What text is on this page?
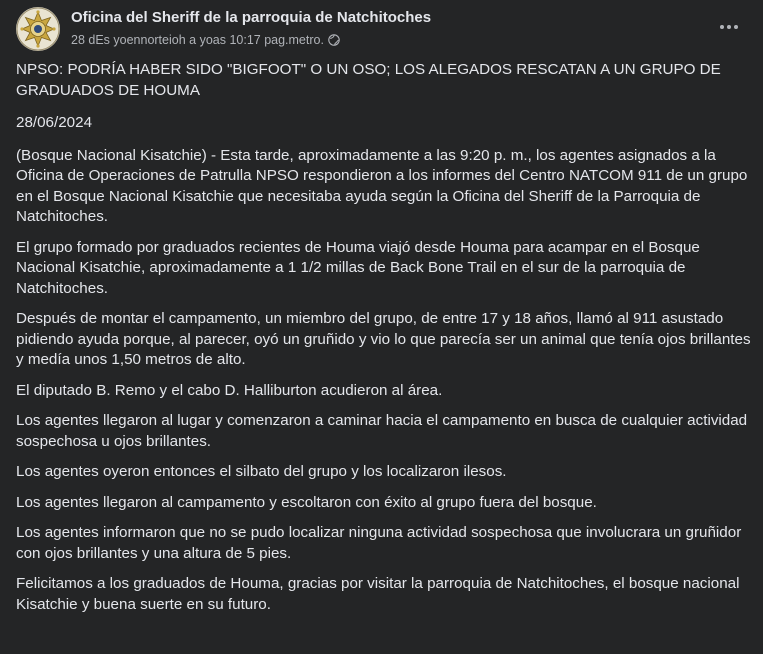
Oficina del Sheriff de la parroquia de Natchitoches
28 dEs yoennorteioh a yoas 10:17 pag.metro.

NPSO: PODRÍA HABER SIDO "BIGFOOT" O UN OSO; LOS ALEGADOS RESCATAN A UN GRUPO DE GRADUADOS DE HOUMA

28/06/2024

(Bosque Nacional Kisatchie) - Esta tarde, aproximadamente a las 9:20 p. m., los agentes asignados a la Oficina de Operaciones de Patrulla NPSO respondieron a los informes del Centro NATCOM 911 de un grupo en el Bosque Nacional Kisatchie que necesitaba ayuda según la Oficina del Sheriff de la Parroquia de Natchitoches.

El grupo formado por graduados recientes de Houma viajó desde Houma para acampar en el Bosque Nacional Kisatchie, aproximadamente a 1 1/2 millas de Back Bone Trail en el sur de la parroquia de Natchitoches.

Después de montar el campamento, un miembro del grupo, de entre 17 y 18 años, llamó al 911 asustado pidiendo ayuda porque, al parecer, oyó un gruñido y vio lo que parecía ser un animal que tenía ojos brillantes y medía unos 1,50 metros de alto.

El diputado B. Remo y el cabo D. Halliburton acudieron al área.

Los agentes llegaron al lugar y comenzaron a caminar hacia el campamento en busca de cualquier actividad sospechosa u ojos brillantes.

Los agentes oyeron entonces el silbato del grupo y los localizaron ilesos.

Los agentes llegaron al campamento y escoltaron con éxito al grupo fuera del bosque.

Los agentes informaron que no se pudo localizar ninguna actividad sospechosa que involucrara un gruñidor con ojos brillantes y una altura de 5 pies.

Felicitamos a los graduados de Houma, gracias por visitar la parroquia de Natchitoches, el bosque nacional Kisatchie y buena suerte en su futuro.
